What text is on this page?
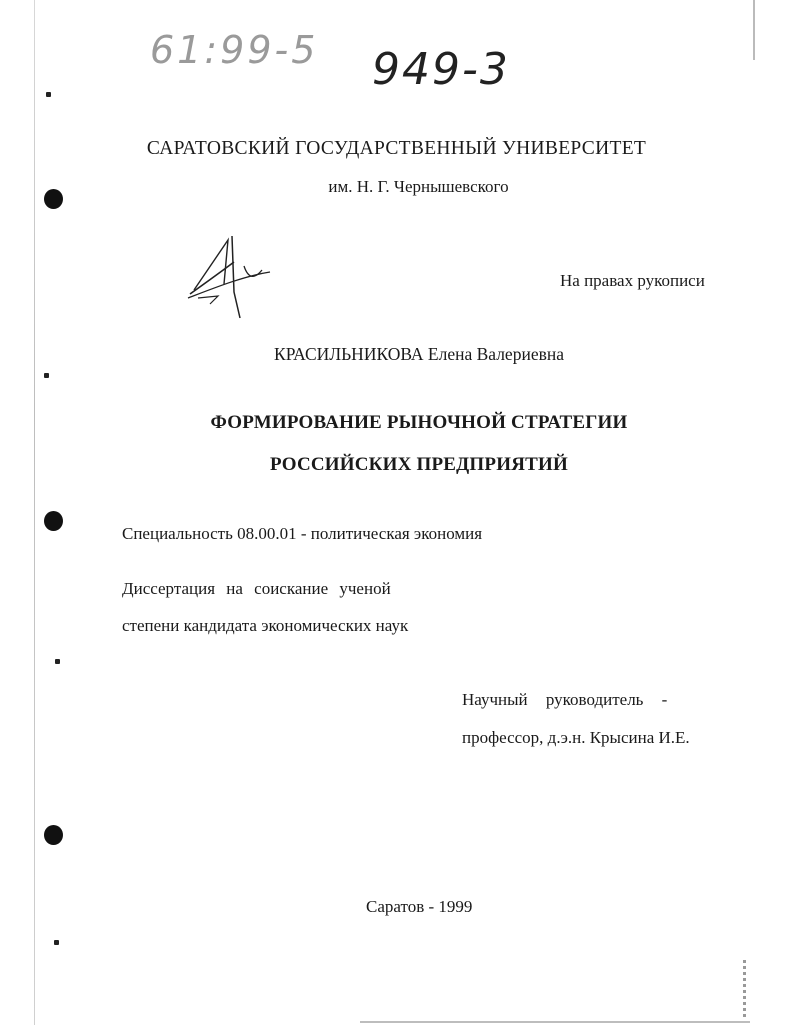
61:99-5 949-3
САРАТОВСКИЙ ГОСУДАРСТВЕННЫЙ УНИВЕРСИТЕТ
им. Н. Г. Чернышевского
На правах рукописи
КРАСИЛЬНИКОВА Елена Валериевна
ФОРМИРОВАНИЕ РЫНОЧНОЙ СТРАТЕГИИ
РОССИЙСКИХ ПРЕДПРИЯТИЙ
Специальность 08.00.01 - политическая экономия
Диссертация на соискание ученой
степени кандидата экономических наук
Научный руководитель -
профессор, д.э.н. Крысина И.Е.
Саратов - 1999
